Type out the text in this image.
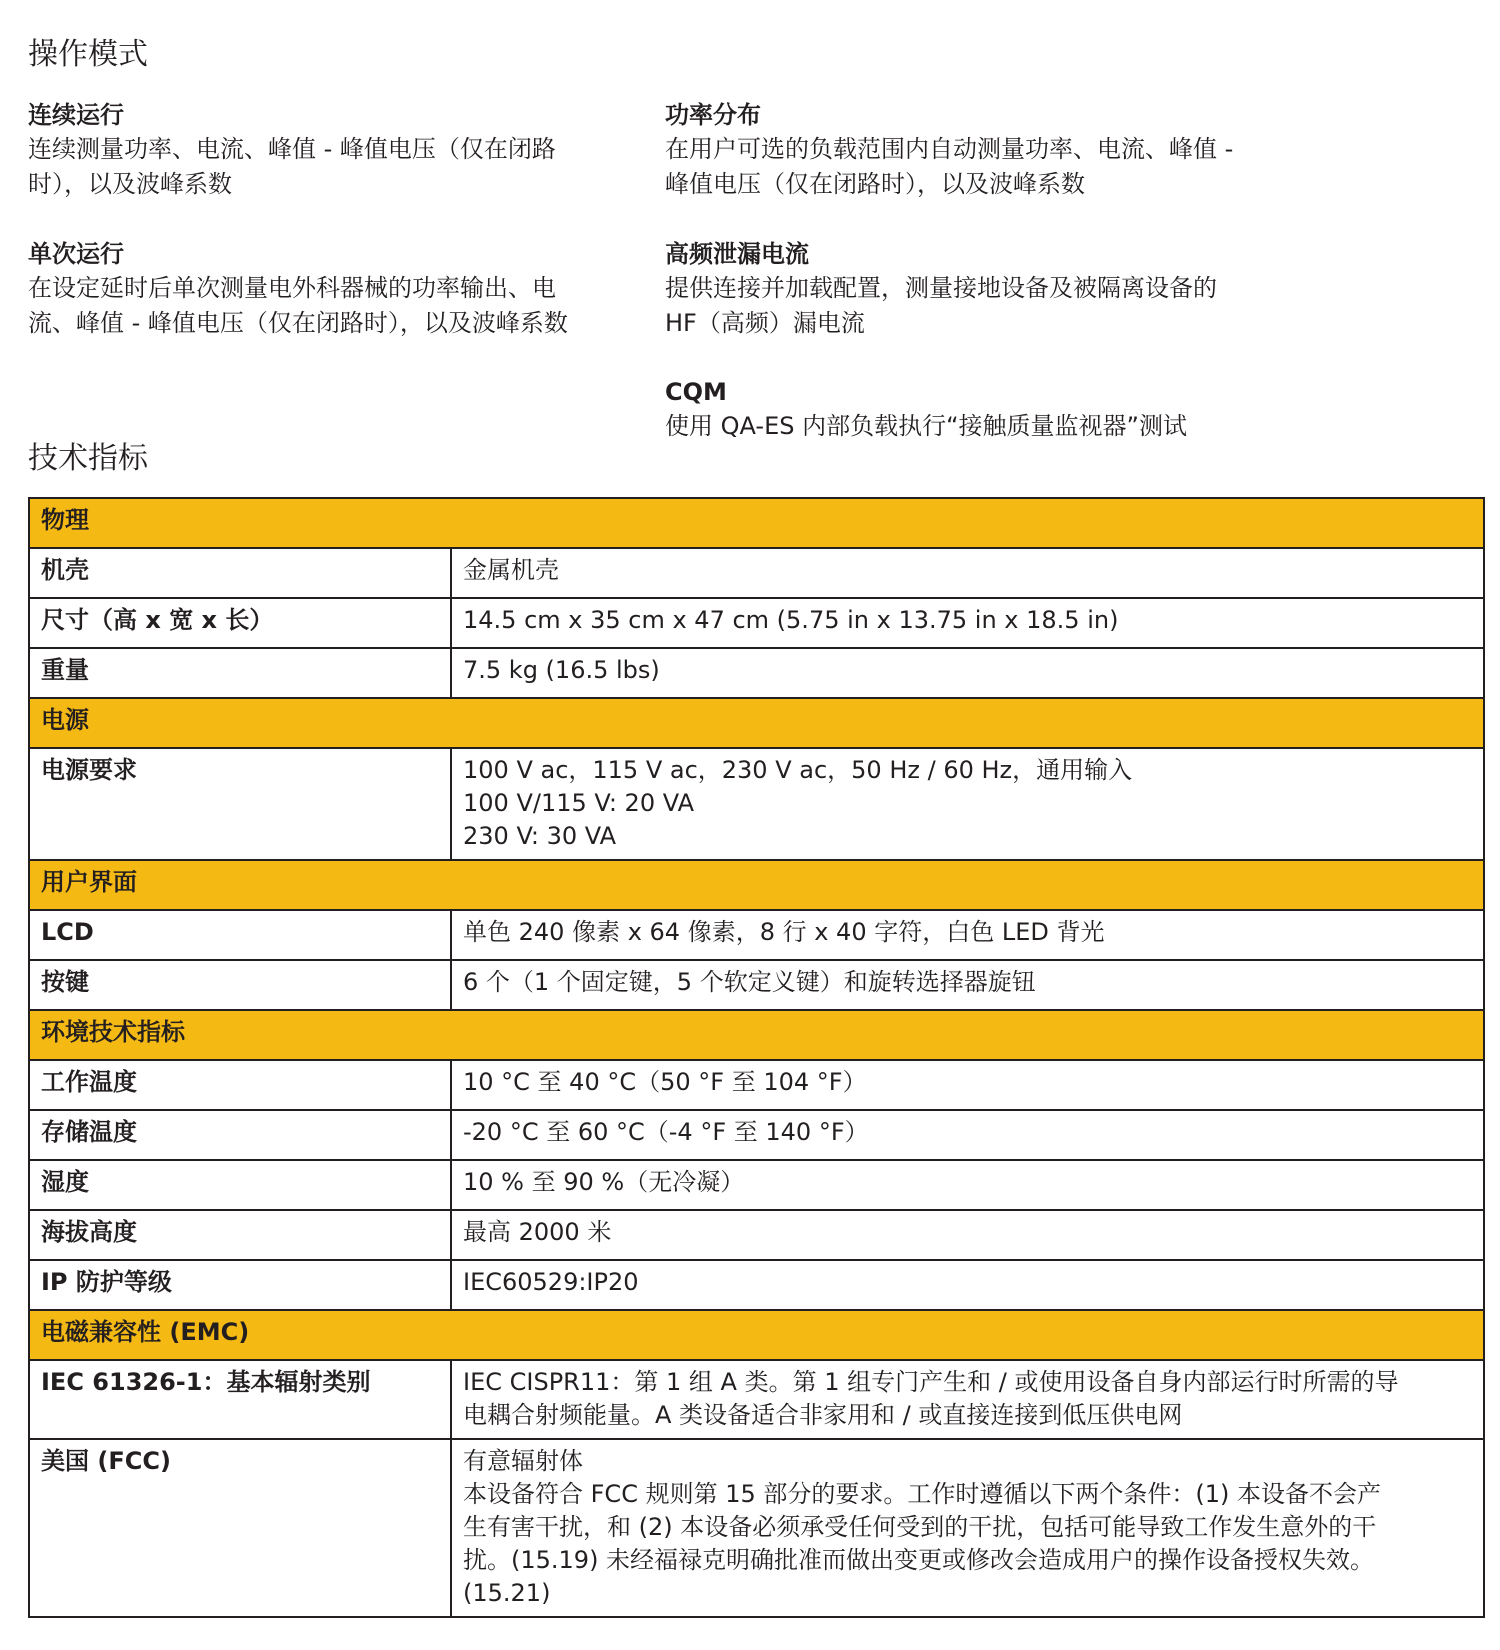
操作模式

连续运行

连续测量功率、电流、峰值 - 峰值电压（仅在闭路
时），以及波峰系数

功率分布

在用户可选的负载范围内自动测量功率、电流、峰值 -
峰值电压（仅在闭路时），以及波峰系数

单次运行

在设定延时后单次测量电外科器械的功率输出、电
流、峰值 - 峰值电压（仅在闭路时），以及波峰系数

高频泄漏电流

提供连接并加载配置，测量接地设备及被隔离设备的
HF（高频）漏电流

CQM

使用 QA-ES 内部负载执行“接触质量监视器”测试

技术指标
物理	
机壳	金属机壳
尺寸（高 x 宽 x 长）	14.5 cm x 35 cm x 47 cm (5.75 in x 13.75 in x 18.5 in)
重量	7.5 kg (16.5 lbs)
电源	
电源要求	100 V ac，115 V ac，230 V ac，50 Hz / 60 Hz，通用输入
100 V/115 V: 20 VA
230 V: 30 VA
用户界面	
LCD	单色 240 像素 x 64 像素，8 行 x 40 字符，白色 LED 背光
按键	6 个（1 个固定键，5 个软定义键）和旋转选择器旋钮
环境技术指标	
工作温度	10 °C 至 40 °C（50 °F 至 104 °F）
存储温度	-20 °C 至 60 °C（-4 °F 至 140 °F）
湿度	10 % 至 90 %（无冷凝）
海拔高度	最高 2000 米
IP 防护等级	IEC60529:IP20
电磁兼容性 (EMC)	
IEC 61326-1：基本辐射类别	IEC CISPR11：第 1 组 A 类。第 1 组专门产生和 / 或使用设备自身内部运行时所需的导
电耦合射频能量。A 类设备适合非家用和 / 或直接连接到低压供电网
美国 (FCC)	有意辐射体
本设备符合 FCC 规则第 15 部分的要求。工作时遵循以下两个条件：(1) 本设备不会产
生有害干扰，和 (2) 本设备必须承受任何受到的干扰，包括可能导致工作发生意外的干
扰。(15.19) 未经福禄克明确批准而做出变更或修改会造成用户的操作设备授权失效。
(15.21)
